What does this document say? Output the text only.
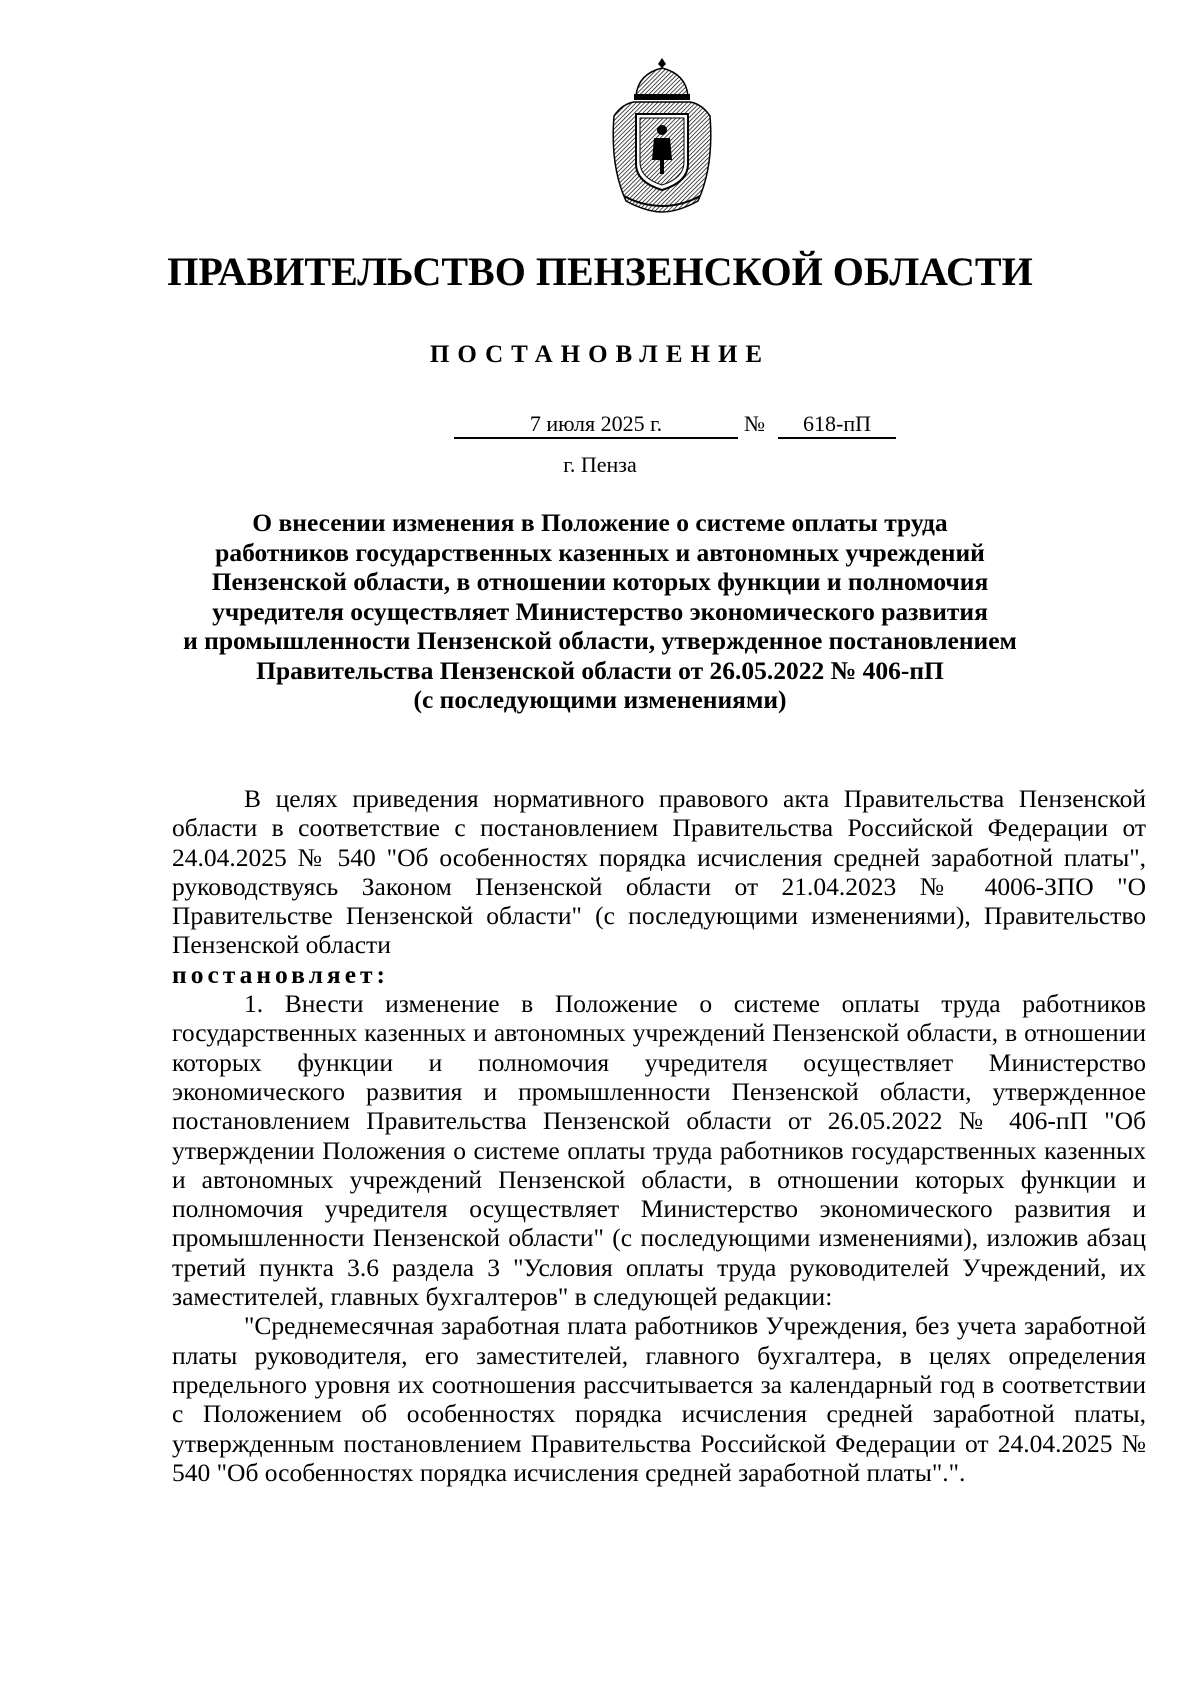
ПРАВИТЕЛЬСТВО ПЕНЗЕНСКОЙ ОБЛАСТИ
ПОСТАНОВЛЕНИЕ
7 июля 2025 г.	№	618-пП
г. Пенза
О внесении изменения в Положение о системе оплаты труда
работников государственных казенных и автономных учреждений
Пензенской области, в отношении которых функции и полномочия
учредителя осуществляет Министерство экономического развития
и промышленности Пензенской области, утвержденное постановлением
Правительства Пензенской области от 26.05.2022 № 406-пП
(с последующими изменениями)

В целях приведения нормативного правового акта Правительства Пензенской области в соответствие с постановлением Правительства Российской Федерации от 24.04.2025 № 540 "Об особенностях порядка исчисления средней заработной платы", руководствуясь Законом Пензенской области от 21.04.2023 № 4006-ЗПО "О Правительстве Пензенской области" (с последующими изменениями), Правительство Пензенской области

постановляет:

1. Внести изменение в Положение о системе оплаты труда работников государственных казенных и автономных учреждений Пензенской области, в отношении которых функции и полномочия учредителя осуществляет Министерство экономического развития и промышленности Пензенской области, утвержденное постановлением Правительства Пензенской области от 26.05.2022 № 406-пП "Об утверждении Положения о системе оплаты труда работников государственных казенных и автономных учреждений Пензенской области, в отношении которых функции и полномочия учредителя осуществляет Министерство экономического развития и промышленности Пензенской области" (с последующими изменениями), изложив абзац третий пункта 3.6 раздела 3 "Условия оплаты труда руководителей Учреждений, их заместителей, главных бухгалтеров" в следующей редакции:

"Среднемесячная заработная плата работников Учреждения, без учета заработной платы руководителя, его заместителей, главного бухгалтера, в целях определения предельного уровня их соотношения рассчитывается за календарный год в соответствии с Положением об особенностях порядка исчисления средней заработной платы, утвержденным постановлением Правительства Российской Федерации от 24.04.2025 № 540 "Об особенностях порядка исчисления средней заработной платы".".
